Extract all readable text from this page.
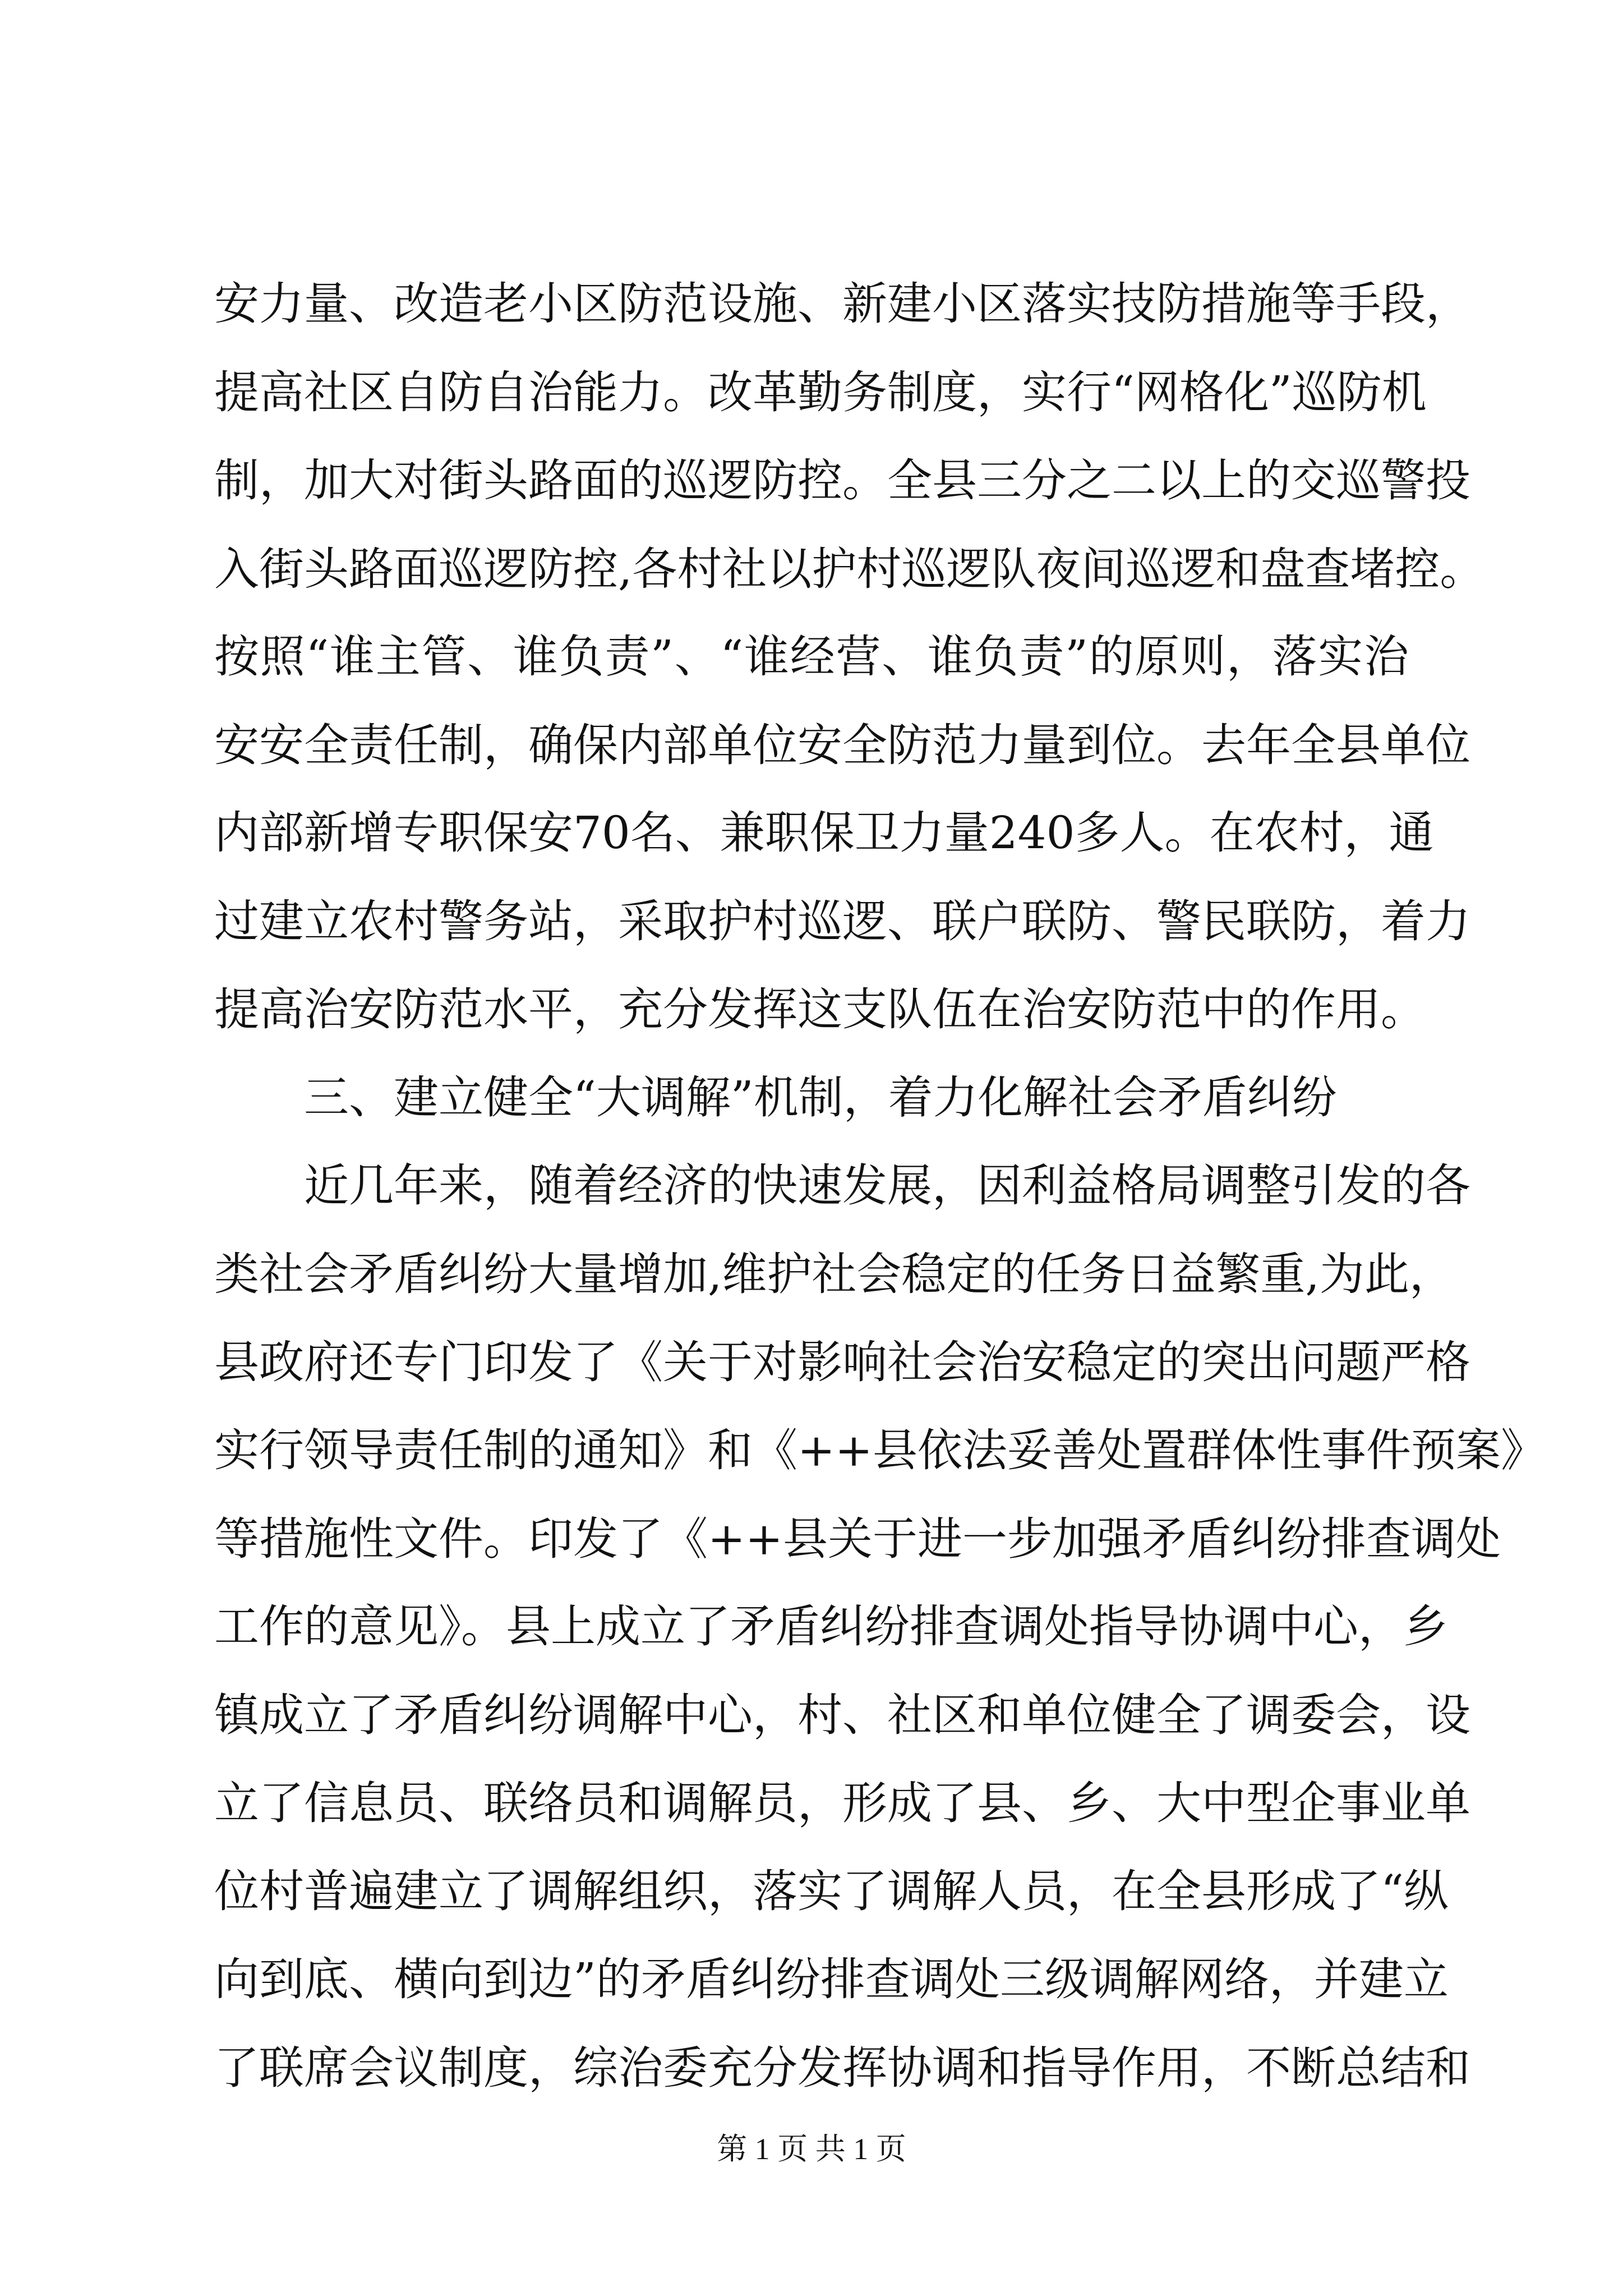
安力量、改造老小区防范设施、新建小区落实技防措施等手段，
提高社区自防自治能力。改革勤务制度，实行“网格化”巡防机
制，加大对街头路面的巡逻防控。全县三分之二以上的交巡警投
入街头路面巡逻防控,各村社以护村巡逻队夜间巡逻和盘查堵控。
按照“谁主管、谁负责”、“谁经营、谁负责”的原则，落实治
安安全责任制，确保内部单位安全防范力量到位。去年全县单位
内部新增专职保安70名、兼职保卫力量240多人。在农村，通
过建立农村警务站，采取护村巡逻、联户联防、警民联防，着力
提高治安防范水平，充分发挥这支队伍在治安防范中的作用。
三、建立健全“大调解”机制，着力化解社会矛盾纠纷
近几年来，随着经济的快速发展，因利益格局调整引发的各
类社会矛盾纠纷大量增加,维护社会稳定的任务日益繁重,为此，
县政府还专门印发了《关于对影响社会治安稳定的突出问题严格
实行领导责任制的通知》和《++县依法妥善处置群体性事件预案》
等措施性文件。印发了《++县关于进一步加强矛盾纠纷排查调处
工作的意见》。县上成立了矛盾纠纷排查调处指导协调中心，乡
镇成立了矛盾纠纷调解中心，村、社区和单位健全了调委会，设
立了信息员、联络员和调解员，形成了县、乡、大中型企事业单
位村普遍建立了调解组织，落实了调解人员，在全县形成了“纵
向到底、横向到边”的矛盾纠纷排查调处三级调解网络，并建立
了联席会议制度，综治委充分发挥协调和指导作用，不断总结和
第 1 页 共 1 页
